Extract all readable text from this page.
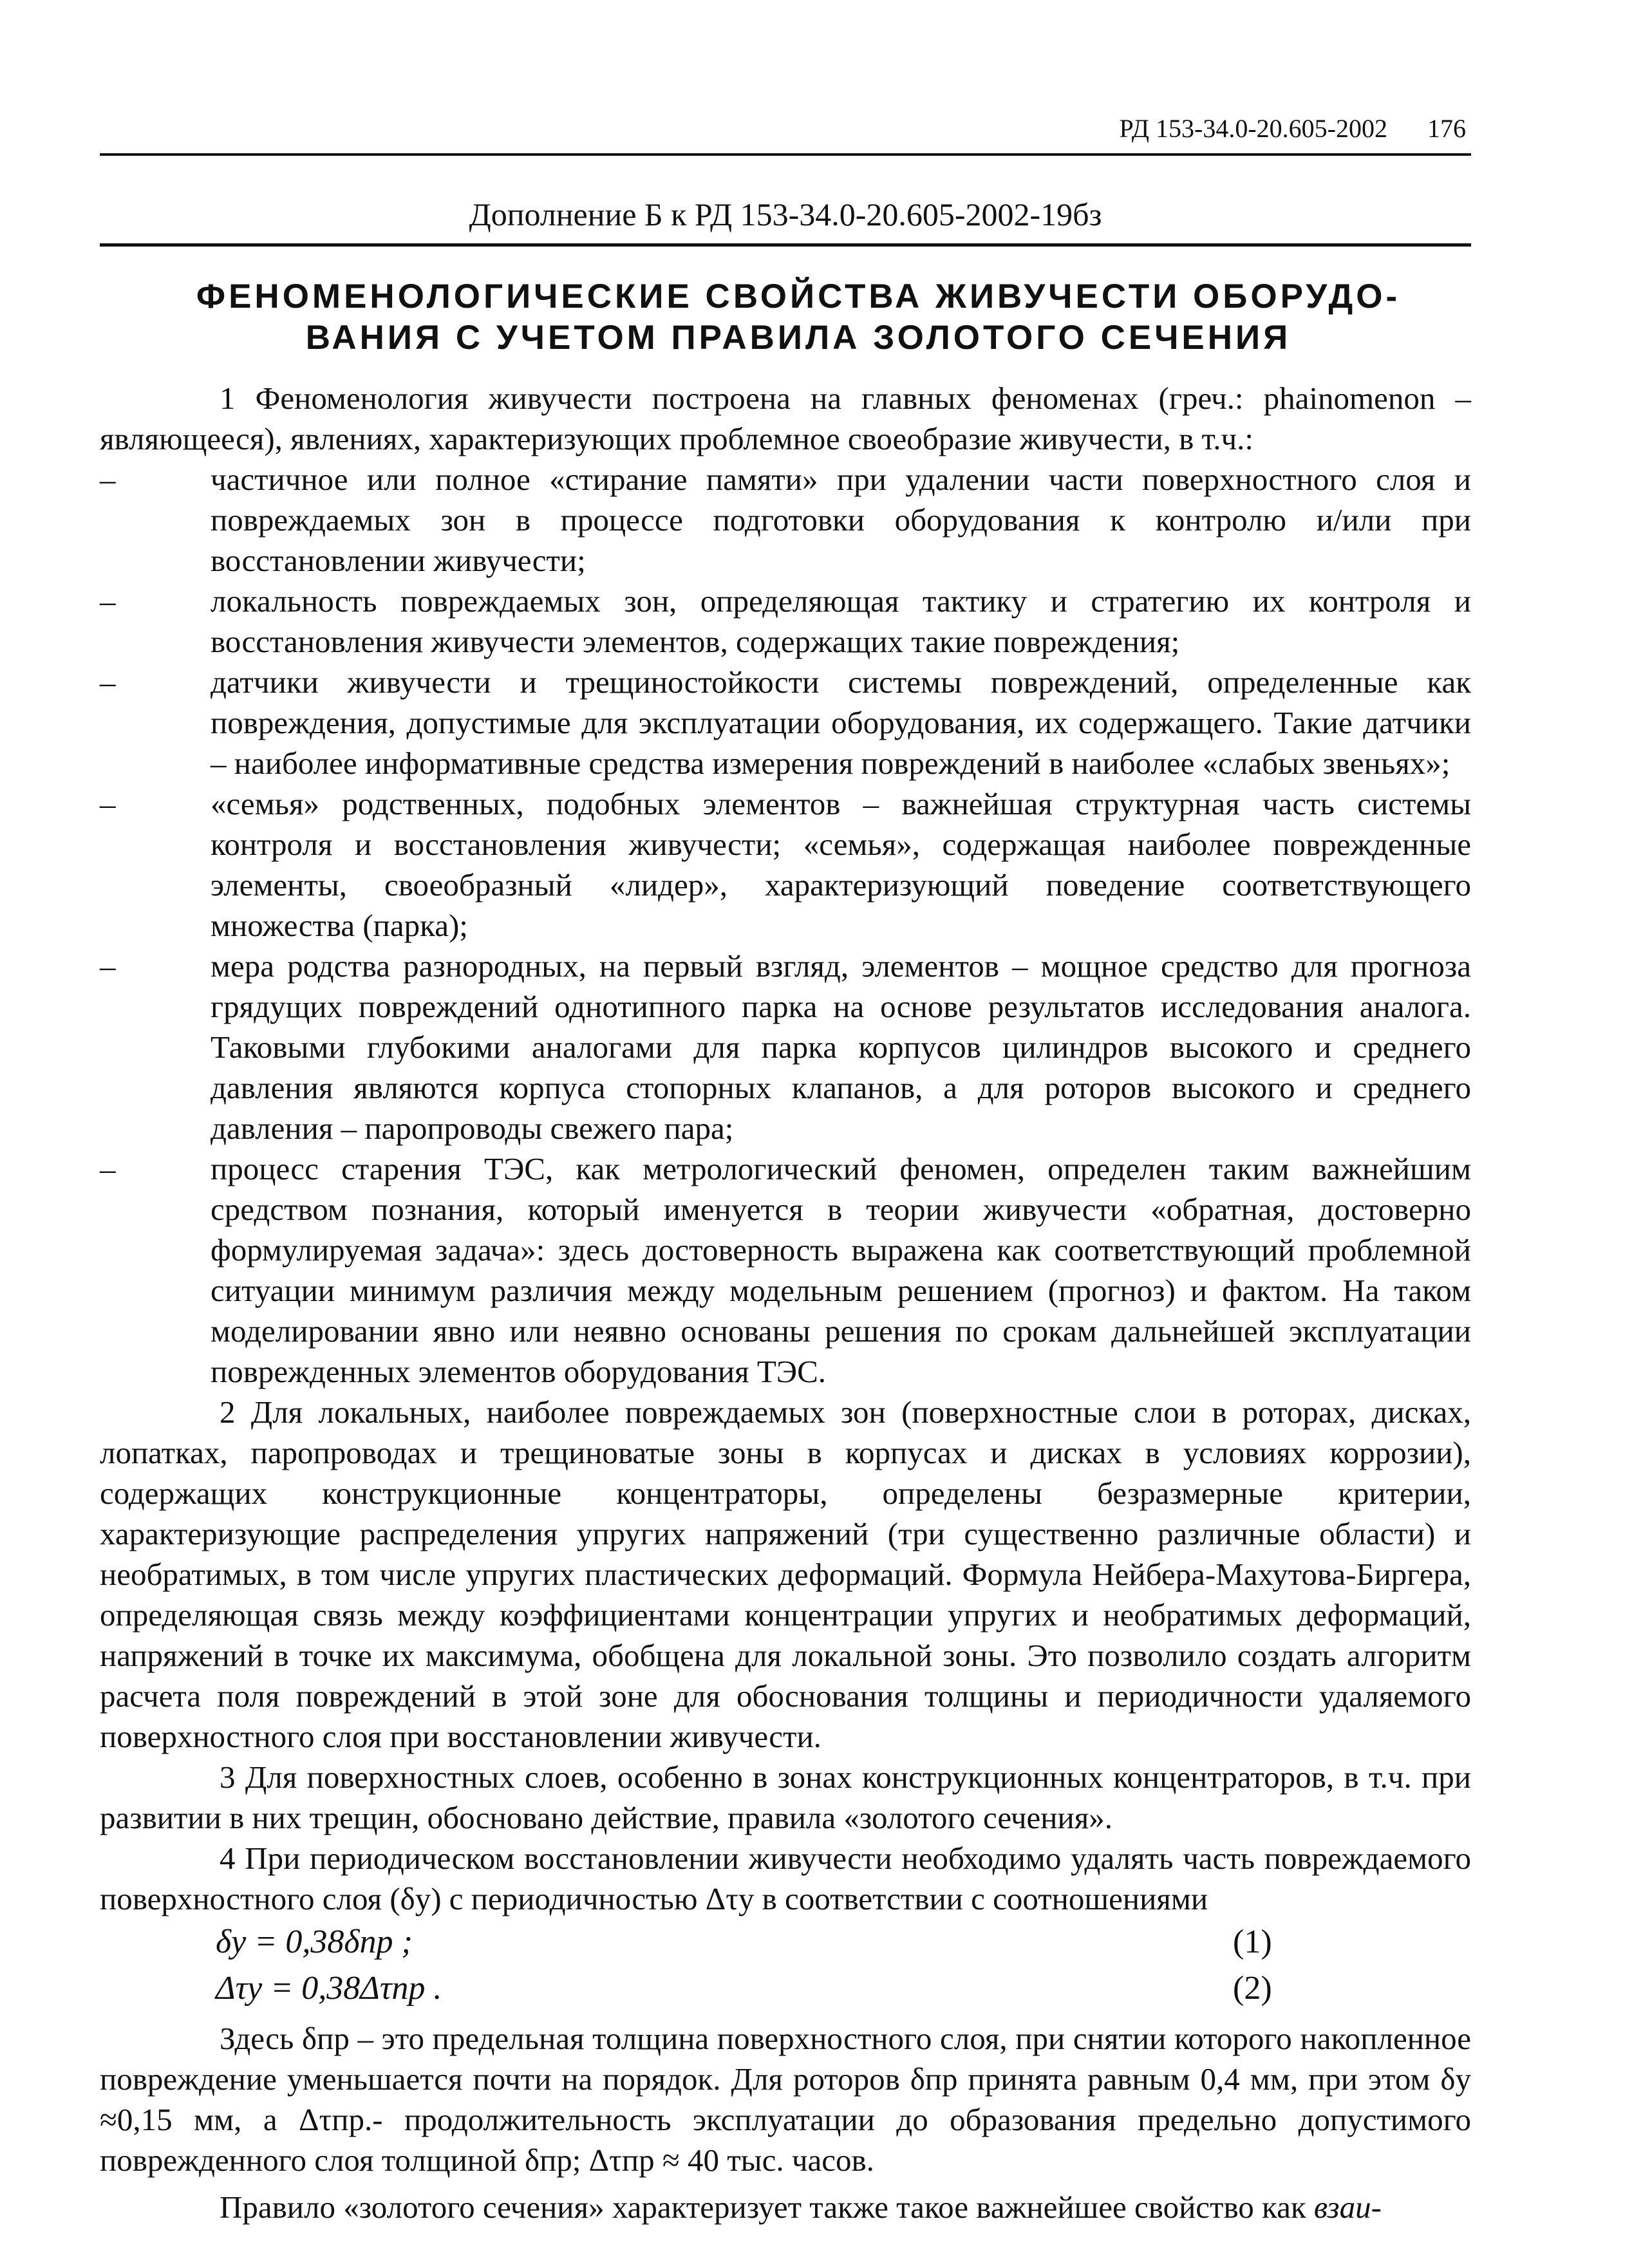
РД 153-34.0-20.605-2002 176
Дополнение Б к РД 153-34.0-20.605-2002-19бз
ФЕНОМЕНОЛОГИЧЕСКИЕ СВОЙСТВА ЖИВУЧЕСТИ ОБОРУДО-
ВАНИЯ С УЧЕТОМ ПРАВИЛА ЗОЛОТОГО СЕЧЕНИЯ

1 Феноменология живучести построена на главных феноменах (греч.: phainomenon – являющееся), явлениях, характеризующих проблемное своеобразие живучести, в т.ч.:

–	частичное или полное «стирание памяти» при удалении части поверхностного слоя и повреждаемых зон в процессе подготовки оборудования к контролю и/или при восстановлении живучести;
–	локальность повреждаемых зон, определяющая тактику и стратегию их контроля и восстановления живучести элементов, содержащих такие повреждения;
–	датчики живучести и трещиностойкости системы повреждений, определенные как повреждения, допустимые для эксплуатации оборудования, их содержащего. Такие датчики – наиболее информативные средства измерения повреждений в наиболее «слабых звеньях»;
–	«семья» родственных, подобных элементов – важнейшая структурная часть системы контроля и восстановления живучести; «семья», содержащая наиболее поврежденные элементы, своеобразный «лидер», характеризующий поведение соответствующего множества (парка);
–	мера родства разнородных, на первый взгляд, элементов – мощное средство для прогноза грядущих повреждений однотипного парка на основе результатов исследования аналога. Таковыми глубокими аналогами для парка корпусов цилиндров высокого и среднего давления являются корпуса стопорных клапанов, а для роторов высокого и среднего давления – паропроводы свежего пара;
–	процесс старения ТЭС, как метрологический феномен, определен таким важнейшим средством познания, который именуется в теории живучести «обратная, достоверно формулируемая задача»: здесь достоверность выражена как соответствующий проблемной ситуации минимум различия между модельным решением (прогноз) и фактом. На таком моделировании явно или неявно основаны решения по срокам дальнейшей эксплуатации поврежденных элементов оборудования ТЭС.

2 Для локальных, наиболее повреждаемых зон (поверхностные слои в роторах, дисках, лопатках, паропроводах и трещиноватые зоны в корпусах и дисках в условиях коррозии), содержащих конструкционные концентраторы, определены безразмерные критерии, характеризующие распределения упругих напряжений (три существенно различные области) и необратимых, в том числе упругих пластических деформаций. Формула Нейбера-Махутова-Биргера, определяющая связь между коэффициентами концентрации упругих и необратимых деформаций, напряжений в точке их максимума, обобщена для локальной зоны. Это позволило создать алгоритм расчета поля повреждений в этой зоне для обоснования толщины и периодичности удаляемого поверхностного слоя при восстановлении живучести.

3 Для поверхностных слоев, особенно в зонах конструкционных концентраторов, в т.ч. при развитии в них трещин, обосновано действие, правила «золотого сечения».

4 При периодическом восстановлении живучести необходимо удалять часть повреждаемого поверхностного слоя (δу) с периодичностью Δτу в соответствии с соотношениями

δу = 0,38δпр ;	(1)
Δτу = 0,38Δτпр .	(2)

Здесь δпр – это предельная толщина поверхностного слоя, при снятии которого накопленное повреждение уменьшается почти на порядок. Для роторов δпр принята равным 0,4 мм, при этом δу ≈0,15 мм, а Δτпр.- продолжительность эксплуатации до образования предельно допустимого поврежденного слоя толщиной δпр; Δτпр ≈ 40 тыс. часов.

Правило «золотого сечения» характеризует также такое важнейшее свойство как взаи-
